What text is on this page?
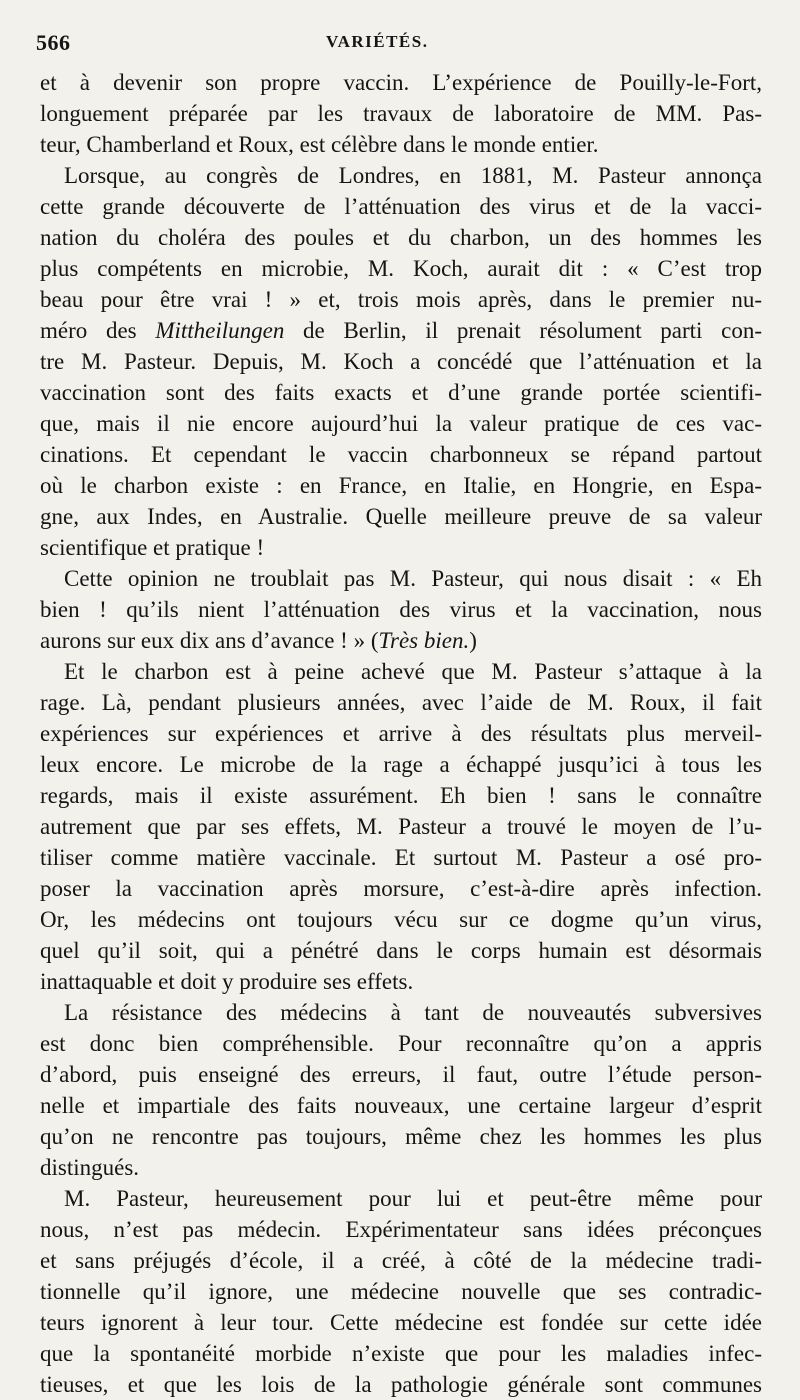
566	VARIÉTÉS.
et à devenir son propre vaccin. L’expérience de Pouilly-le-Fort,
longuement préparée par les travaux de laboratoire de MM. Pas-
teur, Chamberland et Roux, est célèbre dans le monde entier.
Lorsque, au congrès de Londres, en 1881, M. Pasteur annonça
cette grande découverte de l’atténuation des virus et de la vacci-
nation du choléra des poules et du charbon, un des hommes les
plus compétents en microbie, M. Koch, aurait dit : « C’est trop
beau pour être vrai ! » et, trois mois après, dans le premier nu-
méro des Mittheilungen de Berlin, il prenait résolument parti con-
tre M. Pasteur. Depuis, M. Koch a concédé que l’atténuation et la
vaccination sont des faits exacts et d’une grande portée scientifi-
que, mais il nie encore aujourd’hui la valeur pratique de ces vac-
cinations. Et cependant le vaccin charbonneux se répand partout
où le charbon existe : en France, en Italie, en Hongrie, en Espa-
gne, aux Indes, en Australie. Quelle meilleure preuve de sa valeur
scientifique et pratique !
Cette opinion ne troublait pas M. Pasteur, qui nous disait : « Eh
bien ! qu’ils nient l’atténuation des virus et la vaccination, nous
aurons sur eux dix ans d’avance ! » (Très bien.)
Et le charbon est à peine achevé que M. Pasteur s’attaque à la
rage. Là, pendant plusieurs années, avec l’aide de M. Roux, il fait
expériences sur expériences et arrive à des résultats plus merveil-
leux encore. Le microbe de la rage a échappé jusqu’ici à tous les
regards, mais il existe assurément. Eh bien ! sans le connaître
autrement que par ses effets, M. Pasteur a trouvé le moyen de l’u-
tiliser comme matière vaccinale. Et surtout M. Pasteur a osé pro-
poser la vaccination après morsure, c’est-à-dire après infection.
Or, les médecins ont toujours vécu sur ce dogme qu’un virus,
quel qu’il soit, qui a pénétré dans le corps humain est désormais
inattaquable et doit y produire ses effets.
La résistance des médecins à tant de nouveautés subversives
est donc bien compréhensible. Pour reconnaître qu’on a appris
d’abord, puis enseigné des erreurs, il faut, outre l’étude person-
nelle et impartiale des faits nouveaux, une certaine largeur d’esprit
qu’on ne rencontre pas toujours, même chez les hommes les plus
distingués.
M. Pasteur, heureusement pour lui et peut-être même pour
nous, n’est pas médecin. Expérimentateur sans idées préconçues
et sans préjugés d’école, il a créé, à côté de la médecine tradi-
tionnelle qu’il ignore, une médecine nouvelle que ses contradic-
teurs ignorent à leur tour. Cette médecine est fondée sur cette idée
que la spontanéité morbide n’existe que pour les maladies infec-
tieuses, et que les lois de la pathologie générale sont communes
